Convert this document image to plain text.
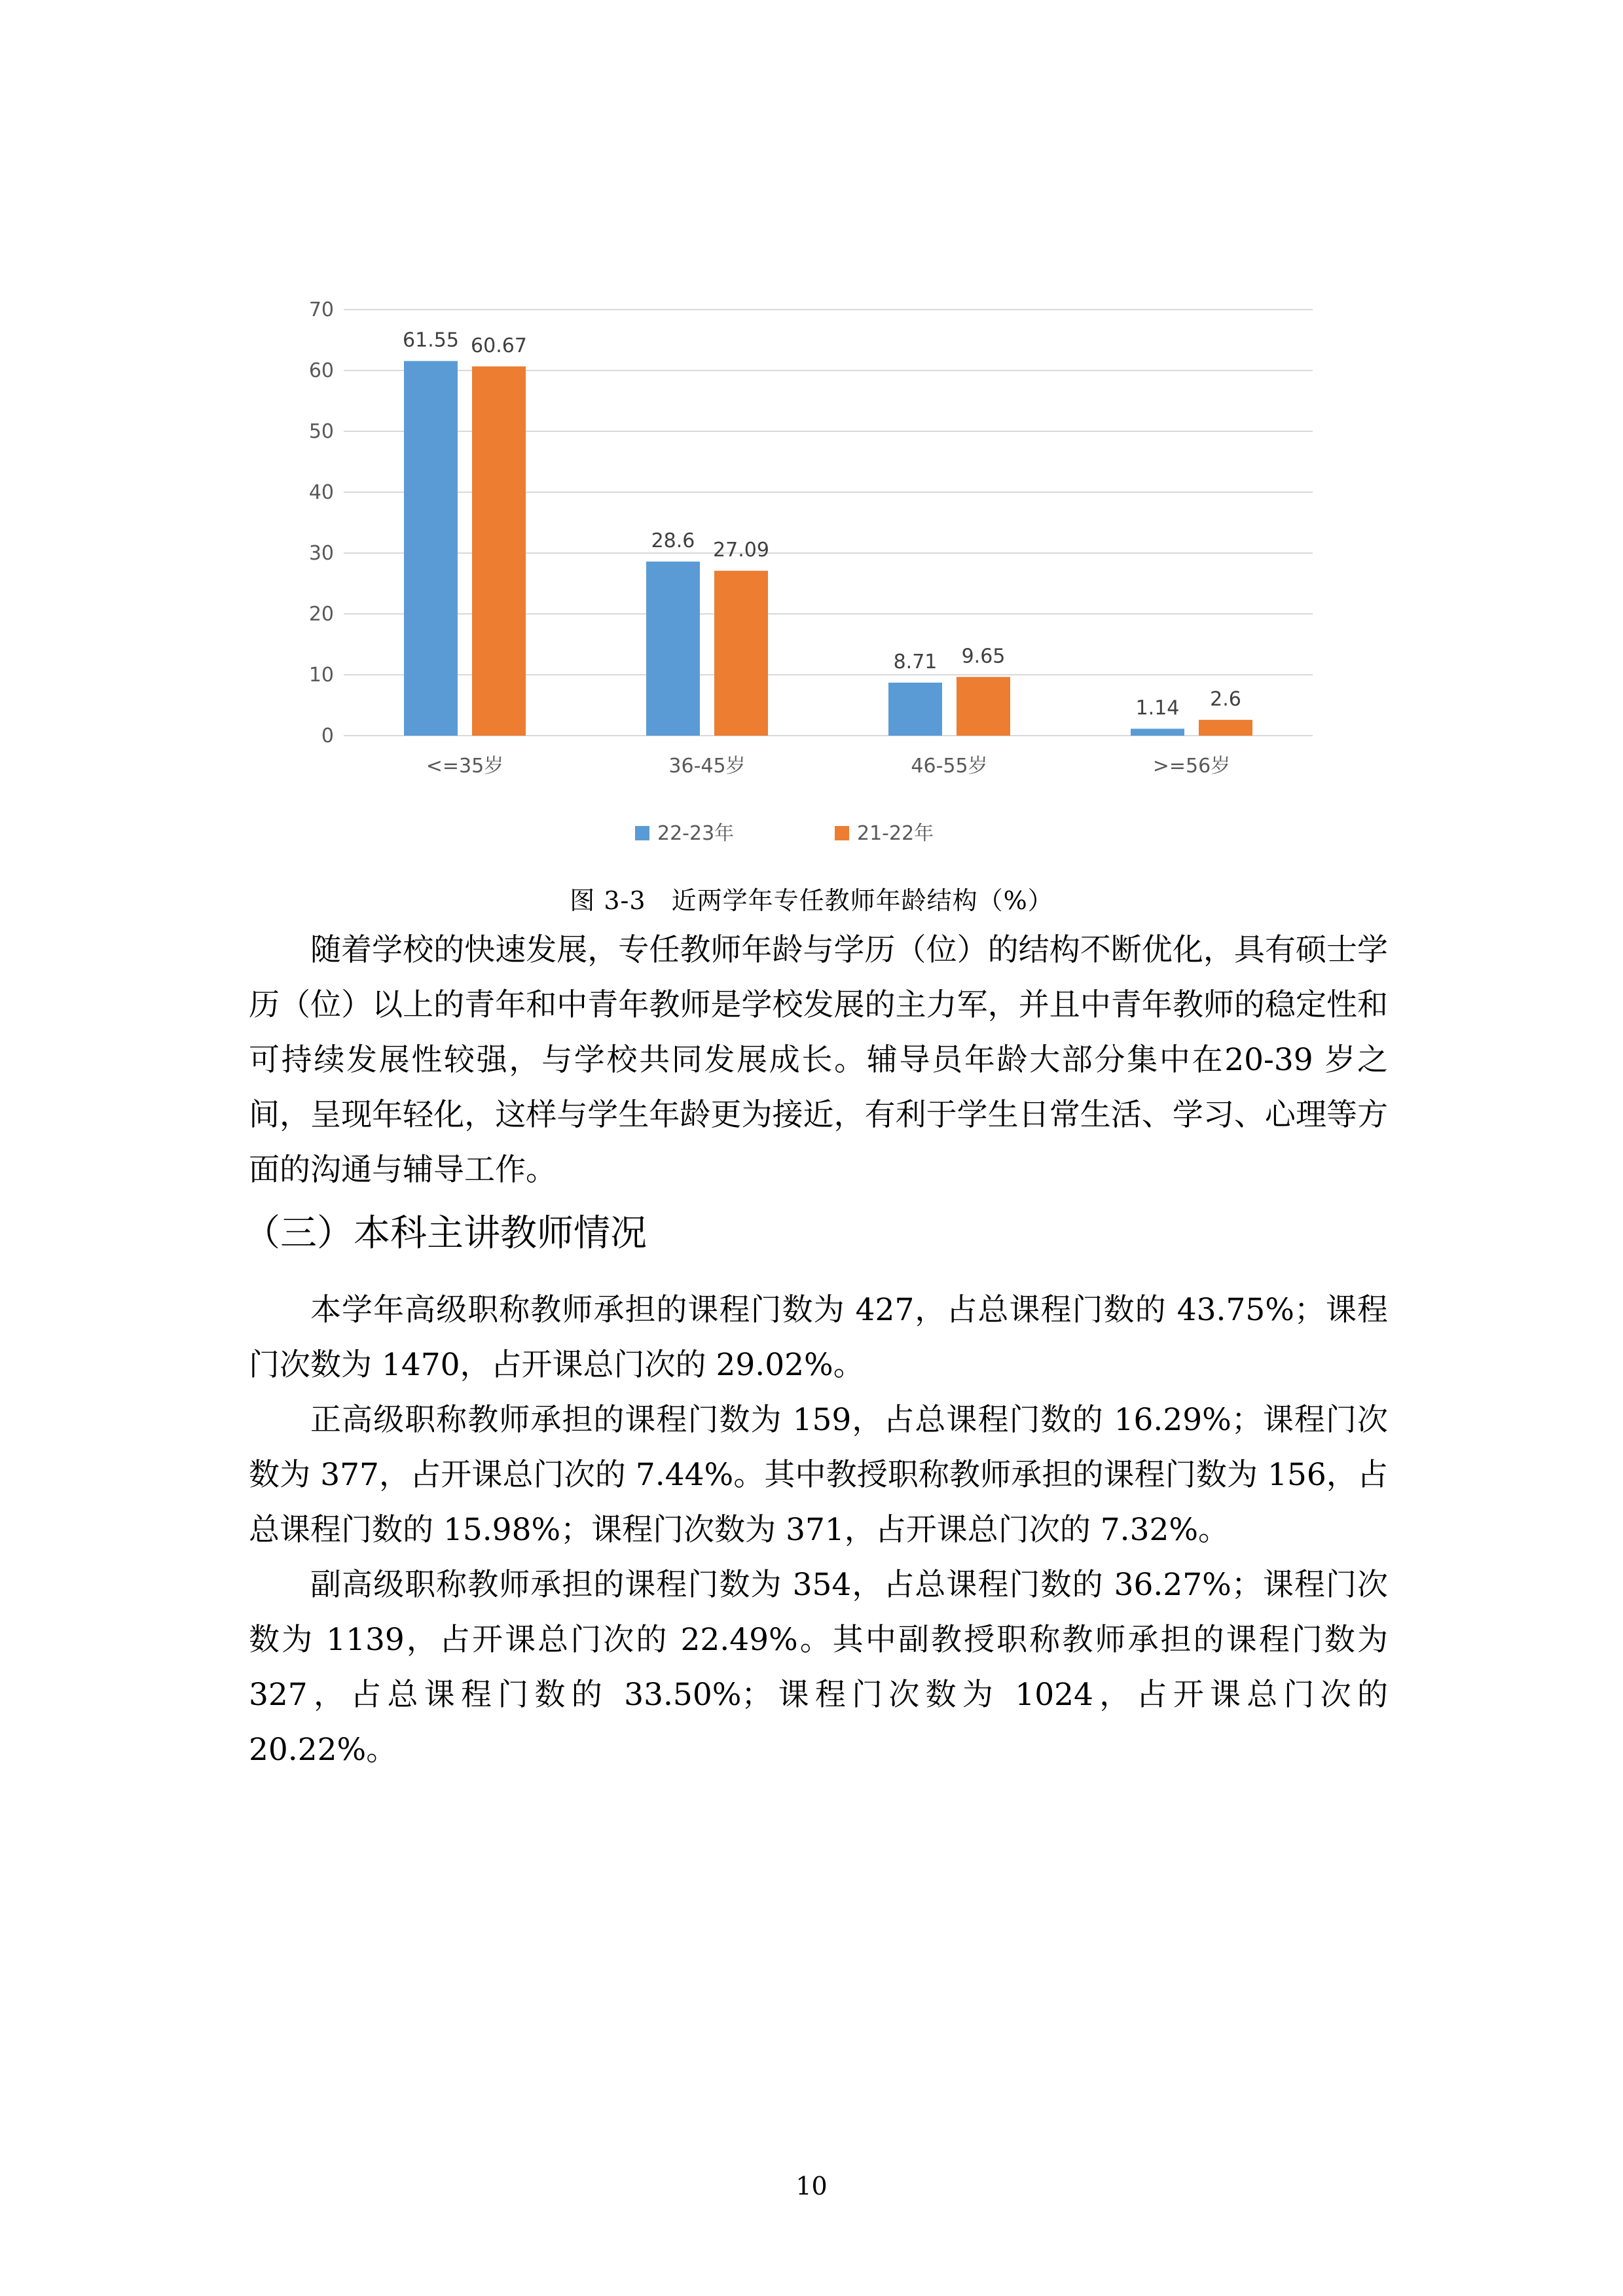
0
10
20
30
40
50
60
70
61.55 60.67
28.6 27.09
8.71 9.65
1.14 2.6
<=35岁	36-45岁	46-55岁	>=56岁
22-23年	21-22年
图 3-3　近两学年专任教师年龄结构（%）

随着学校的快速发展，专任教师年龄与学历（位）的结构不断优化，具有硕士学历（位）以上的青年和中青年教师是学校发展的主力军，并且中青年教师的稳定性和可持续发展性较强，与学校共同发展成长。辅导员年龄大部分集中在20-39 岁之间，呈现年轻化，这样与学生年龄更为接近，有利于学生日常生活、学习、心理等方面的沟通与辅导工作。

（三）本科主讲教师情况

本学年高级职称教师承担的课程门数为 427，占总课程门数的 43.75%；课程门次数为 1470，占开课总门次的 29.02%。

正高级职称教师承担的课程门数为 159，占总课程门数的 16.29%；课程门次数为 377，占开课总门次的 7.44%。其中教授职称教师承担的课程门数为 156，占总课程门数的 15.98%；课程门次数为 371，占开课总门次的 7.32%。

副高级职称教师承担的课程门数为 354，占总课程门数的 36.27%；课程门次数为 1139，占开课总门次的 22.49%。其中副教授职称教师承担的课程门数为 327，占总课程门数的 33.50%；课程门次数为 1024，占开课总门次的 20.22%。

10
